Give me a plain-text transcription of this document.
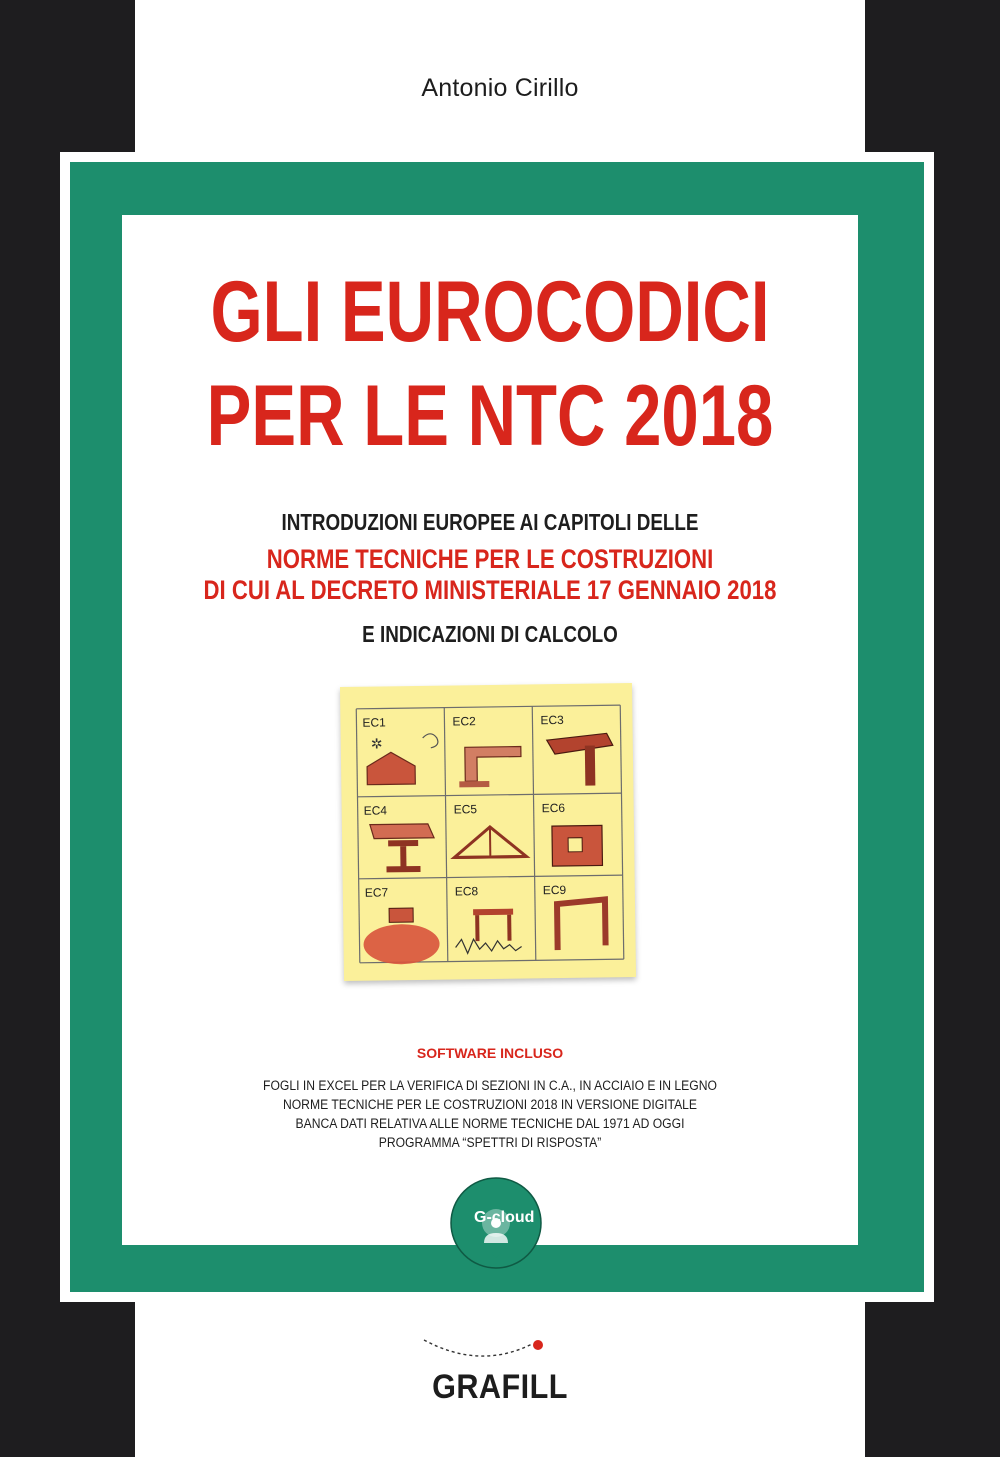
Antonio Cirillo
GLI EUROCODICI
PER LE NTC 2018
INTRODUZIONI EUROPEE AI CAPITOLI DELLE
NORME TECNICHE PER LE COSTRUZIONI
DI CUI AL DECRETO MINISTERIALE 17 GENNAIO 2018
E INDICAZIONI DI CALCOLO
EC1	EC2	EC3
EC4	EC5	EC6
EC7	EC8	EC9
✲
SOFTWARE INCLUSO
FOGLI IN EXCEL PER LA VERIFICA DI SEZIONI IN C.A., IN ACCIAIO E IN LEGNO
NORME TECNICHE PER LE COSTRUZIONI 2018 IN VERSIONE DIGITALE
BANCA DATI RELATIVA ALLE NORME TECNICHE DAL 1971 AD OGGI
PROGRAMMA “SPETTRI DI RISPOSTA”
G-cloud
GRAFILL
